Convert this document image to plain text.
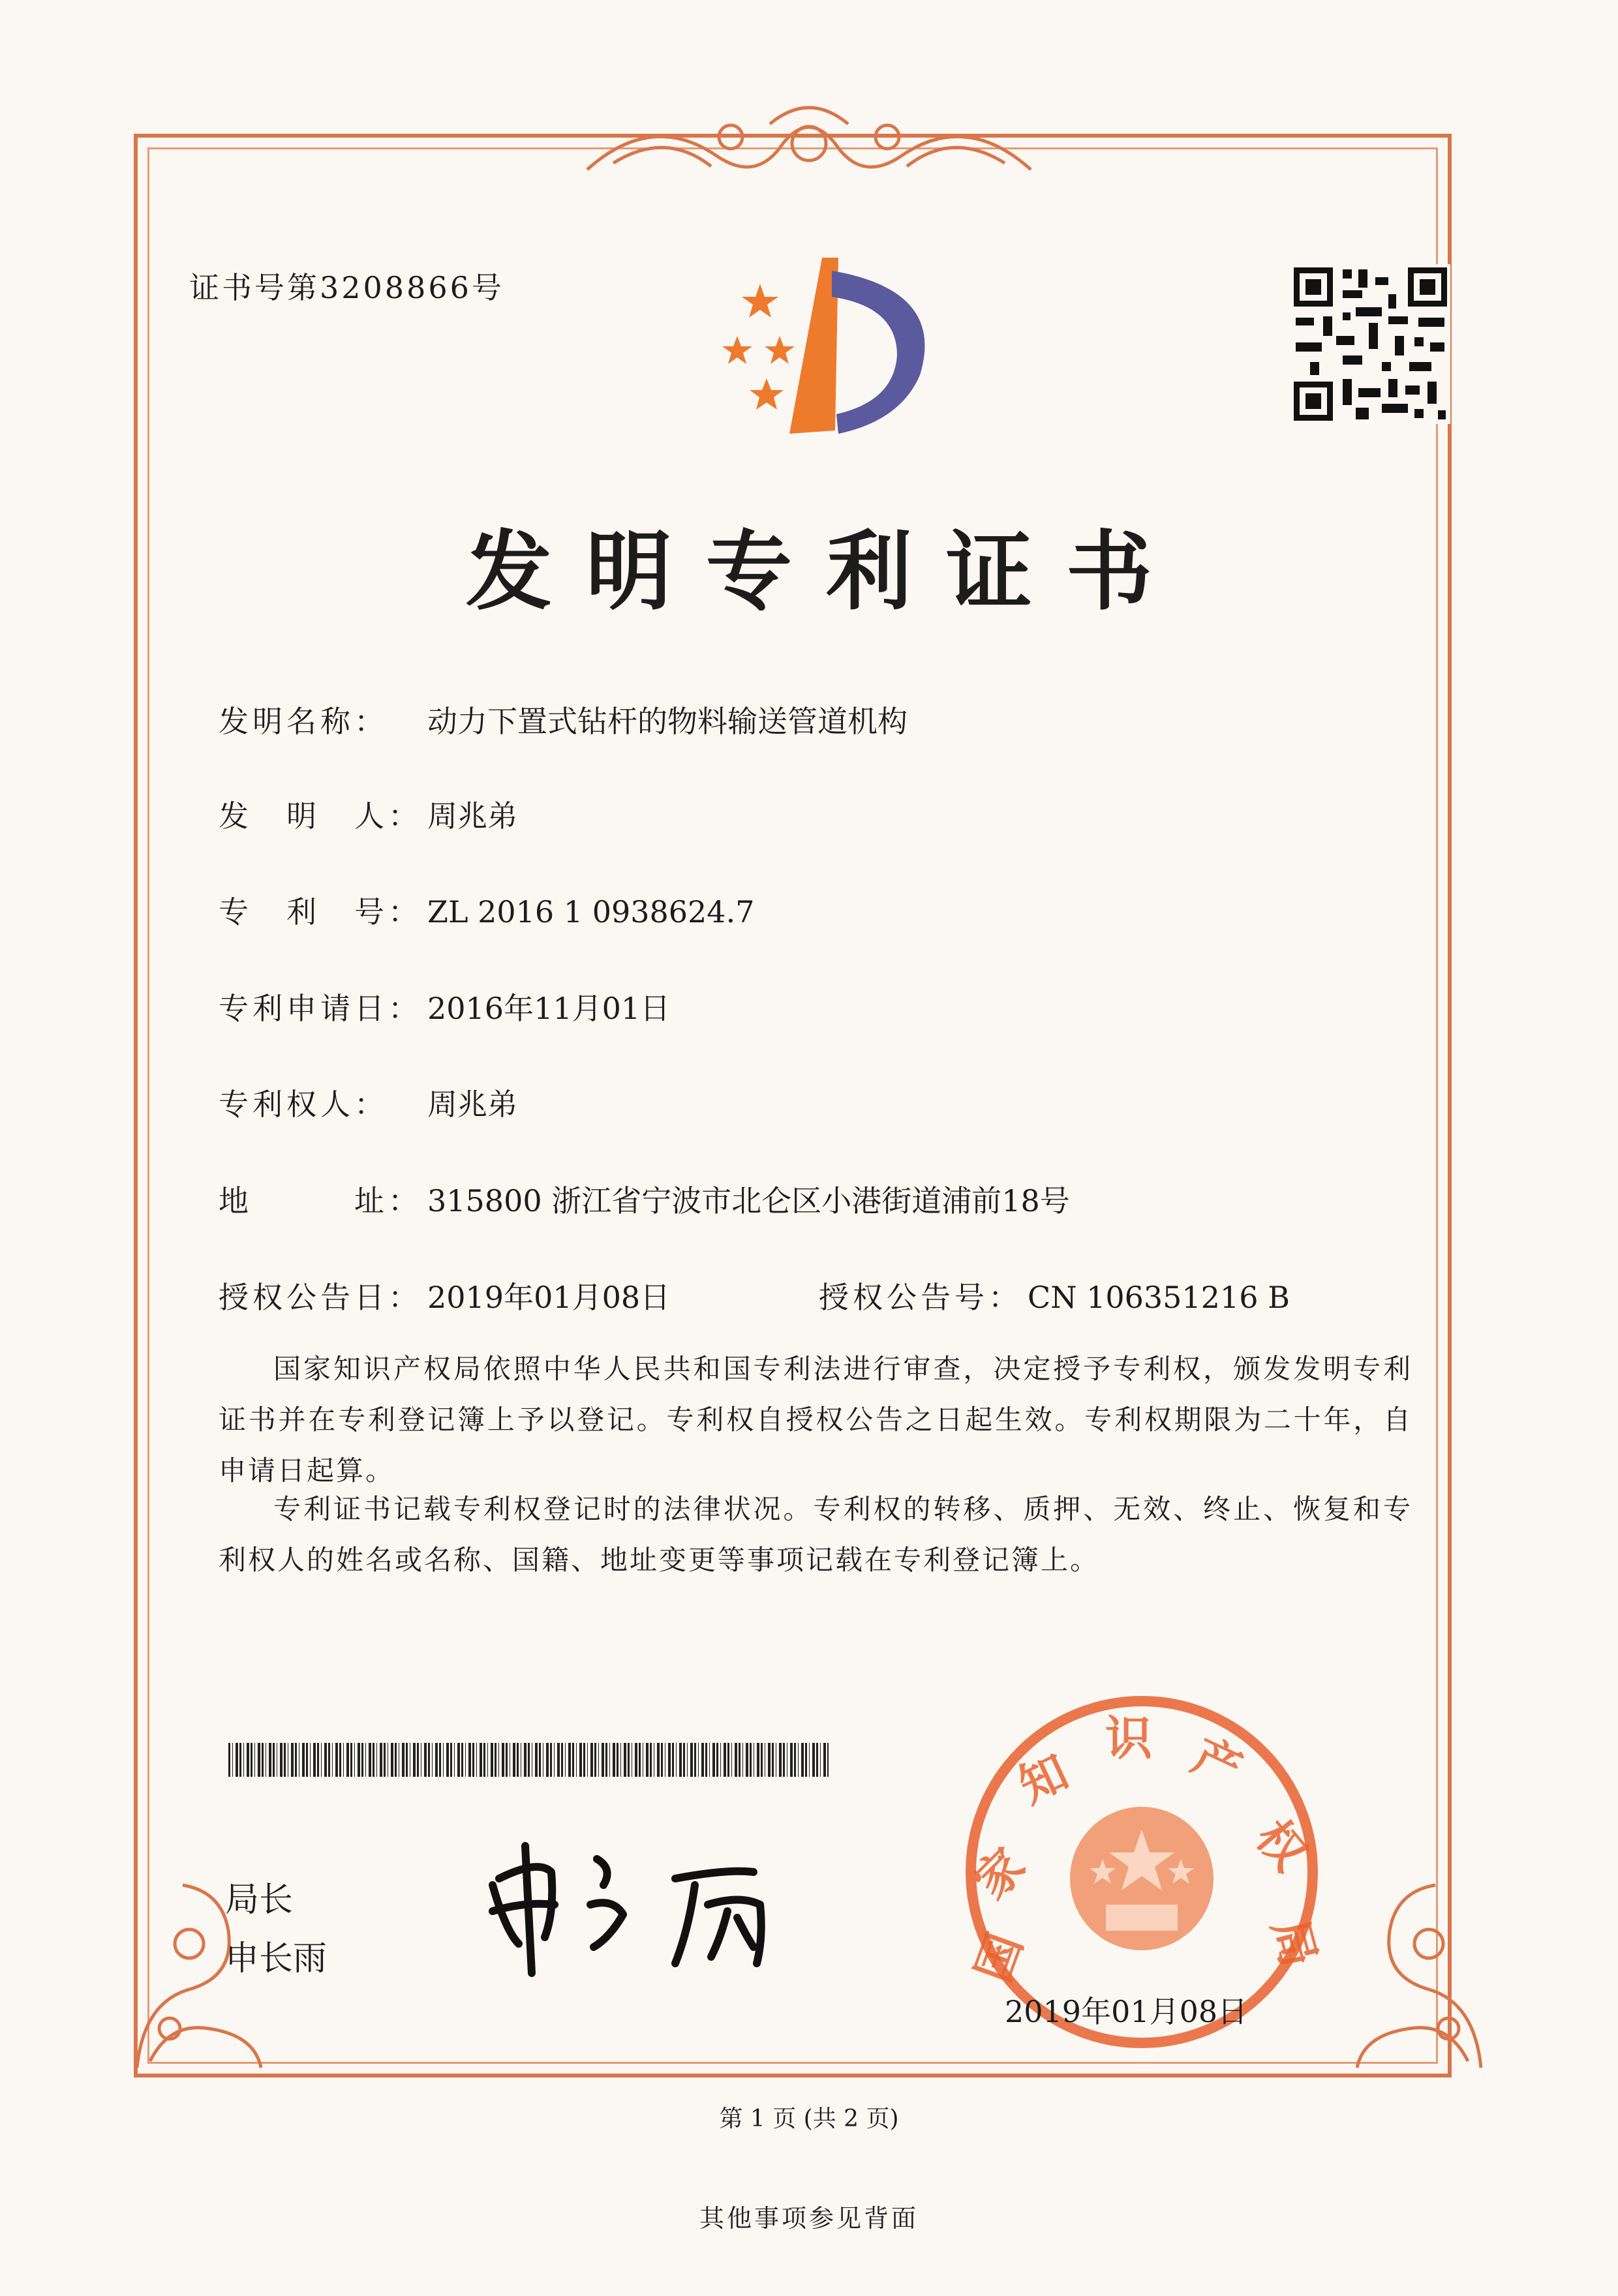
证书号第3208866号
发明专利证书
发明名称： 动力下置式钻杆的物料输送管道机构
发　明　人： 周兆弟
专　利　号： ZL 2016 1 0938624.7
专利申请日： 2016年11月01日
专利权人： 周兆弟
地　　　址： 315800 浙江省宁波市北仑区小港街道浦前18号
授权公告日： 2019年01月08日	授权公告号： CN 106351216 B
国家知识产权局依照中华人民共和国专利法进行审查，决定授予专利权，颁发发明专利证书并在专利登记簿上予以登记。专利权自授权公告之日起生效。专利权期限为二十年，自申请日起算。
专利证书记载专利权登记时的法律状况。专利权的转移、质押、无效、终止、恢复和专利权人的姓名或名称、国籍、地址变更等事项记载在专利登记簿上。
局长
申长雨	国
家
知
识 产
权
局
2019年01月08日
第 1 页 (共 2 页)
其他事项参见背面
